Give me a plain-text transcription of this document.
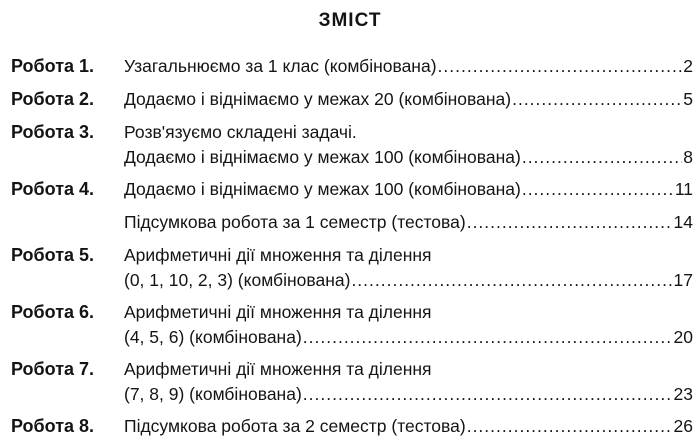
ЗМІСТ
Робота 1.	Узагальнюємо за 1 клас (комбінована) .....	2
Робота 2.	Додаємо і віднімаємо у межах 20 (комбінована) .....	5
Робота 3.	Розв'язуємо складені задачі.
Додаємо і віднімаємо у межах 100 (комбінована) .....	8
Робота 4.	Додаємо і віднімаємо у межах 100 (комбінована) .....	11
Підсумкова робота за 1 семестр (тестова) .....	14
Робота 5.	Арифметичні дії множення та ділення
(0, 1, 10, 2, 3) (комбінована) .....	17
Робота 6.	Арифметичні дії множення та ділення
(4, 5, 6) (комбінована) .....	20
Робота 7.	Арифметичні дії множення та ділення
(7, 8, 9) (комбінована) .....	23
Робота 8.	Підсумкова робота за 2 семестр (тестова) .....	26
